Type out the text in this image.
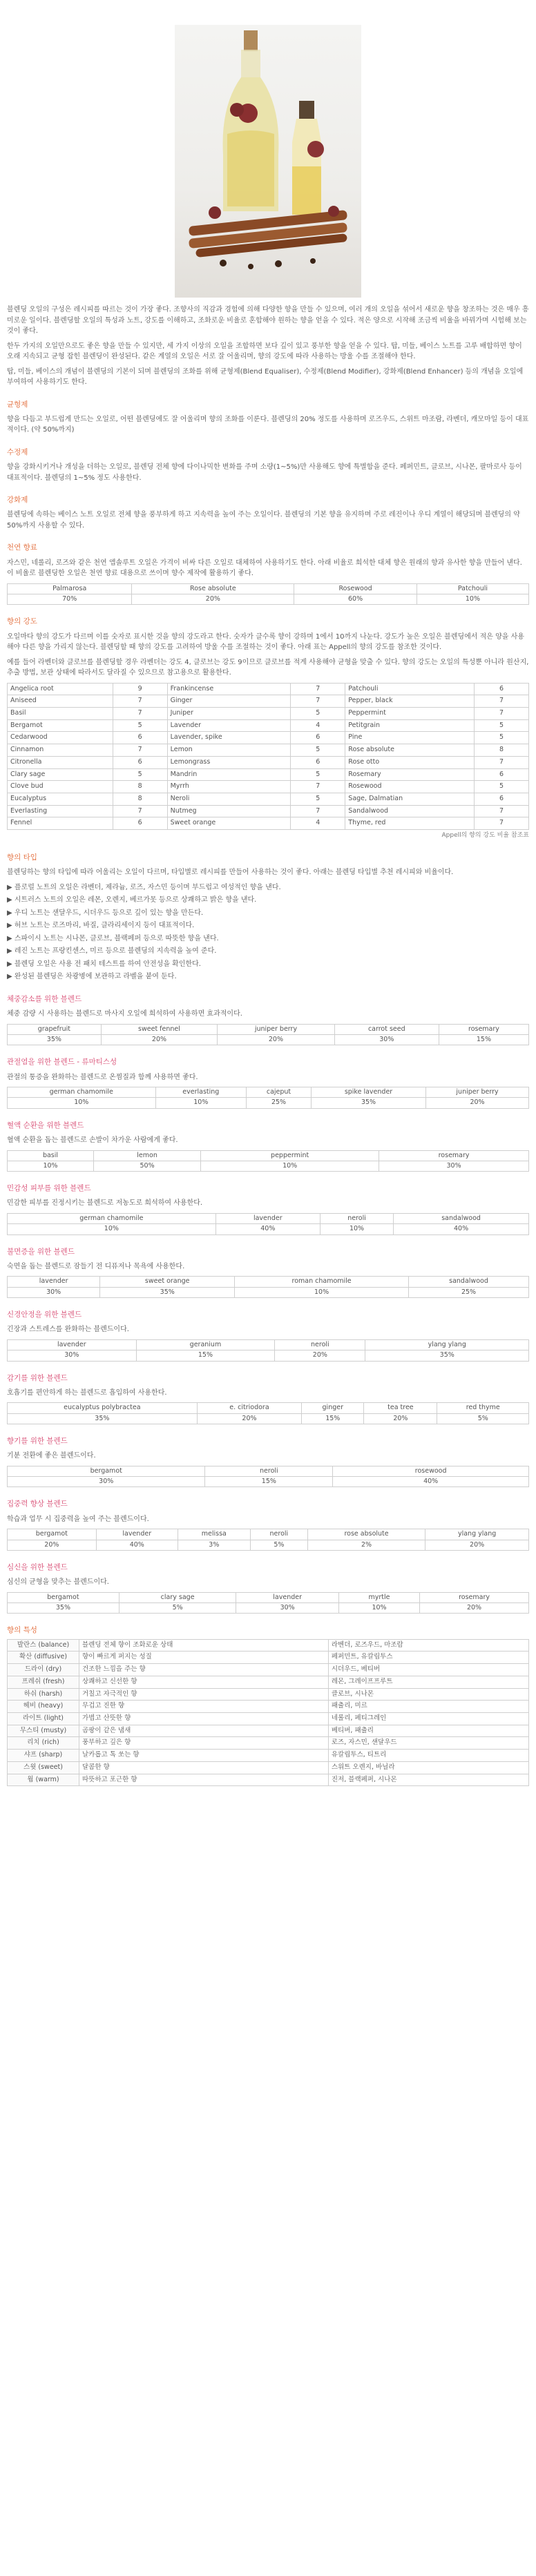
블렌딩 오일의 구성은 레시피를 따르는 것이 가장 좋다. 조향사의 직감과 경험에 의해 다양한 향을 만들 수 있으며, 여러 개의 오일을 섞어서 새로운 향을 창조하는 것은 매우 흥미로운 일이다. 블렌딩할 오일의 특성과 노트, 강도를 이해하고, 조화로운 비율로 혼합해야 원하는 향을 얻을 수 있다. 적은 양으로 시작해 조금씩 비율을 바꿔가며 시험해 보는 것이 좋다.

한두 가지의 오일만으로도 좋은 향을 만들 수 있지만, 세 가지 이상의 오일을 조합하면 보다 깊이 있고 풍부한 향을 얻을 수 있다. 탑, 미들, 베이스 노트를 고루 배합하면 향이 오래 지속되고 균형 잡힌 블렌딩이 완성된다. 같은 계열의 오일은 서로 잘 어울리며, 향의 강도에 따라 사용하는 방울 수를 조절해야 한다.

탑, 미들, 베이스의 개념이 블렌딩의 기본이 되며 블렌딩의 조화를 위해 균형제(Blend Equaliser), 수정제(Blend Modifier), 강화제(Blend Enhancer) 등의 개념을 오일에 부여하여 사용하기도 한다.

균형제

향을 다듬고 부드럽게 만드는 오일로, 어떤 블렌딩에도 잘 어울리며 향의 조화를 이룬다. 블렌딩의 20% 정도를 사용하며 로즈우드, 스위트 마조람, 라벤더, 캐모마일 등이 대표적이다. (약 50%까지)

수정제

향을 강화시키거나 개성을 더하는 오일로, 블렌딩 전체 향에 다이나믹한 변화를 주며 소량(1~5%)만 사용해도 향에 특별함을 준다. 페퍼민트, 클로브, 시나몬, 팔마로사 등이 대표적이다. 블렌딩의 1~5% 정도 사용한다.

강화제

블렌딩에 속하는 베이스 노트 오일로 전체 향을 풍부하게 하고 지속력을 높여 주는 오일이다. 블렌딩의 기본 향을 유지하며 주로 레진이나 우디 계열이 해당되며 블렌딩의 약 50%까지 사용할 수 있다.

천연 향료

자스민, 네롤리, 로즈와 같은 천연 앱솔루트 오일은 가격이 비싸 다른 오일로 대체하여 사용하기도 한다. 아래 비율로 희석한 대체 향은 원래의 향과 유사한 향을 만들어 낸다. 이 비율로 블렌딩한 오일은 천연 향료 대용으로 쓰이며 향수 제작에 활용하기 좋다.

Palmarosa	Rose absolute	Rosewood	Patchouli
70%	20%	60%	10%
향의 강도

오일마다 향의 강도가 다르며 이를 숫자로 표시한 것을 향의 강도라고 한다. 숫자가 클수록 향이 강하며 1에서 10까지 나눈다. 강도가 높은 오일은 블렌딩에서 적은 양을 사용해야 다른 향을 가리지 않는다. 블렌딩할 때 향의 강도를 고려하여 방울 수를 조절하는 것이 좋다. 아래 표는 Appell의 향의 강도를 참조한 것이다.

예를 들어 라벤더와 클로브를 블렌딩할 경우 라벤더는 강도 4, 클로브는 강도 9이므로 클로브를 적게 사용해야 균형을 맞출 수 있다. 향의 강도는 오일의 특성뿐 아니라 원산지, 추출 방법, 보관 상태에 따라서도 달라질 수 있으므로 참고용으로 활용한다.

Angelica root	9	Frankincense	7	Patchouli	6
Aniseed	7	Ginger	7	Pepper, black	7
Basil	7	Juniper	5	Peppermint	7
Bergamot	5	Lavender	4	Petitgrain	5
Cedarwood	6	Lavender, spike	6	Pine	5
Cinnamon	7	Lemon	5	Rose absolute	8
Citronella	6	Lemongrass	6	Rose otto	7
Clary sage	5	Mandrin	5	Rosemary	6
Clove bud	8	Myrrh	7	Rosewood	5
Eucalyptus	8	Neroli	5	Sage, Dalmatian	6
Everlasting	7	Nutmeg	7	Sandalwood	7
Fennel	6	Sweet orange	4	Thyme, red	7
Appell의 향의 강도 비율 참조표
향의 타입

블렌딩하는 향의 타입에 따라 어울리는 오일이 다르며, 타입별로 레시피를 만들어 사용하는 것이 좋다. 아래는 블렌딩 타입별 추천 레시피와 비율이다.

▶ 플로럴 노트의 오일은 라벤더, 제라늄, 로즈, 자스민 등이며 부드럽고 여성적인 향을 낸다.
▶ 시트러스 노트의 오일은 레몬, 오렌지, 베르가못 등으로 상쾌하고 밝은 향을 낸다.
▶ 우디 노트는 샌달우드, 시더우드 등으로 깊이 있는 향을 만든다.
▶ 허브 노트는 로즈마리, 바질, 클라리세이지 등이 대표적이다.
▶ 스파이시 노트는 시나몬, 클로브, 블랙페퍼 등으로 따뜻한 향을 낸다.
▶ 레진 노트는 프랑킨센스, 미르 등으로 블렌딩의 지속력을 높여 준다.
▶ 블렌딩 오일은 사용 전 패치 테스트를 하여 안전성을 확인한다.
▶ 완성된 블렌딩은 차광병에 보관하고 라벨을 붙여 둔다.
체중감소를 위한 블렌드

체중 감량 시 사용하는 블렌드로 마사지 오일에 희석하여 사용하면 효과적이다.

grapefruit	sweet fennel	juniper berry	carrot seed	rosemary
35%	20%	20%	30%	15%
관절염을 위한 블렌드 - 류마티스성

관절의 통증을 완화하는 블렌드로 온찜질과 함께 사용하면 좋다.

german chamomile	everlasting	cajeput	spike lavender	juniper berry
10%	10%	25%	35%	20%
혈액 순환을 위한 블렌드

혈액 순환을 돕는 블렌드로 손발이 차가운 사람에게 좋다.

basil	lemon	peppermint	rosemary
10%	50%	10%	30%
민감성 피부를 위한 블렌드

민감한 피부를 진정시키는 블렌드로 저농도로 희석하여 사용한다.

german chamomile	lavender	neroli	sandalwood
10%	40%	10%	40%
불면증을 위한 블렌드

숙면을 돕는 블렌드로 잠들기 전 디퓨저나 목욕에 사용한다.

lavender	sweet orange	roman chamomile	sandalwood
30%	35%	10%	25%
신경안정을 위한 블렌드

긴장과 스트레스를 완화하는 블렌드이다.

lavender	geranium	neroli	ylang ylang
30%	15%	20%	35%
감기를 위한 블렌드

호흡기를 편안하게 하는 블렌드로 흡입하여 사용한다.

eucalyptus polybractea	e. citriodora	ginger	tea tree	red thyme
35%	20%	15%	20%	5%
향기를 위한 블렌드

기분 전환에 좋은 블렌드이다.

bergamot	neroli	rosewood
30%	15%	40%
집중력 향상 블렌드

학습과 업무 시 집중력을 높여 주는 블렌드이다.

bergamot	lavender	melissa	neroli	rose absolute	ylang ylang
20%	40%	3%	5%	2%	20%
심신을 위한 블렌드

심신의 균형을 맞추는 블렌드이다.

bergamot	clary sage	lavender	myrtle	rosemary
35%	5%	30%	10%	20%
향의 특성
발란스 (balance)	블렌딩 전체 향이 조화로운 상태	라벤더, 로즈우드, 마조람
확산 (diffusive)	향이 빠르게 퍼지는 성질	페퍼민트, 유칼립투스
드라이 (dry)	건조한 느낌을 주는 향	시더우드, 베티버
프레쉬 (fresh)	상쾌하고 신선한 향	레몬, 그레이프프루트
하쉬 (harsh)	거칠고 자극적인 향	클로브, 시나몬
헤비 (heavy)	무겁고 진한 향	패츌리, 미르
라이트 (light)	가볍고 산뜻한 향	네롤리, 페티그레인
무스티 (musty)	곰팡이 같은 냄새	베티버, 패츌리
리치 (rich)	풍부하고 깊은 향	로즈, 자스민, 샌달우드
샤프 (sharp)	날카롭고 톡 쏘는 향	유칼립투스, 티트리
스윗 (sweet)	달콤한 향	스위트 오렌지, 바닐라
웜 (warm)	따뜻하고 포근한 향	진저, 블랙페퍼, 시나몬
